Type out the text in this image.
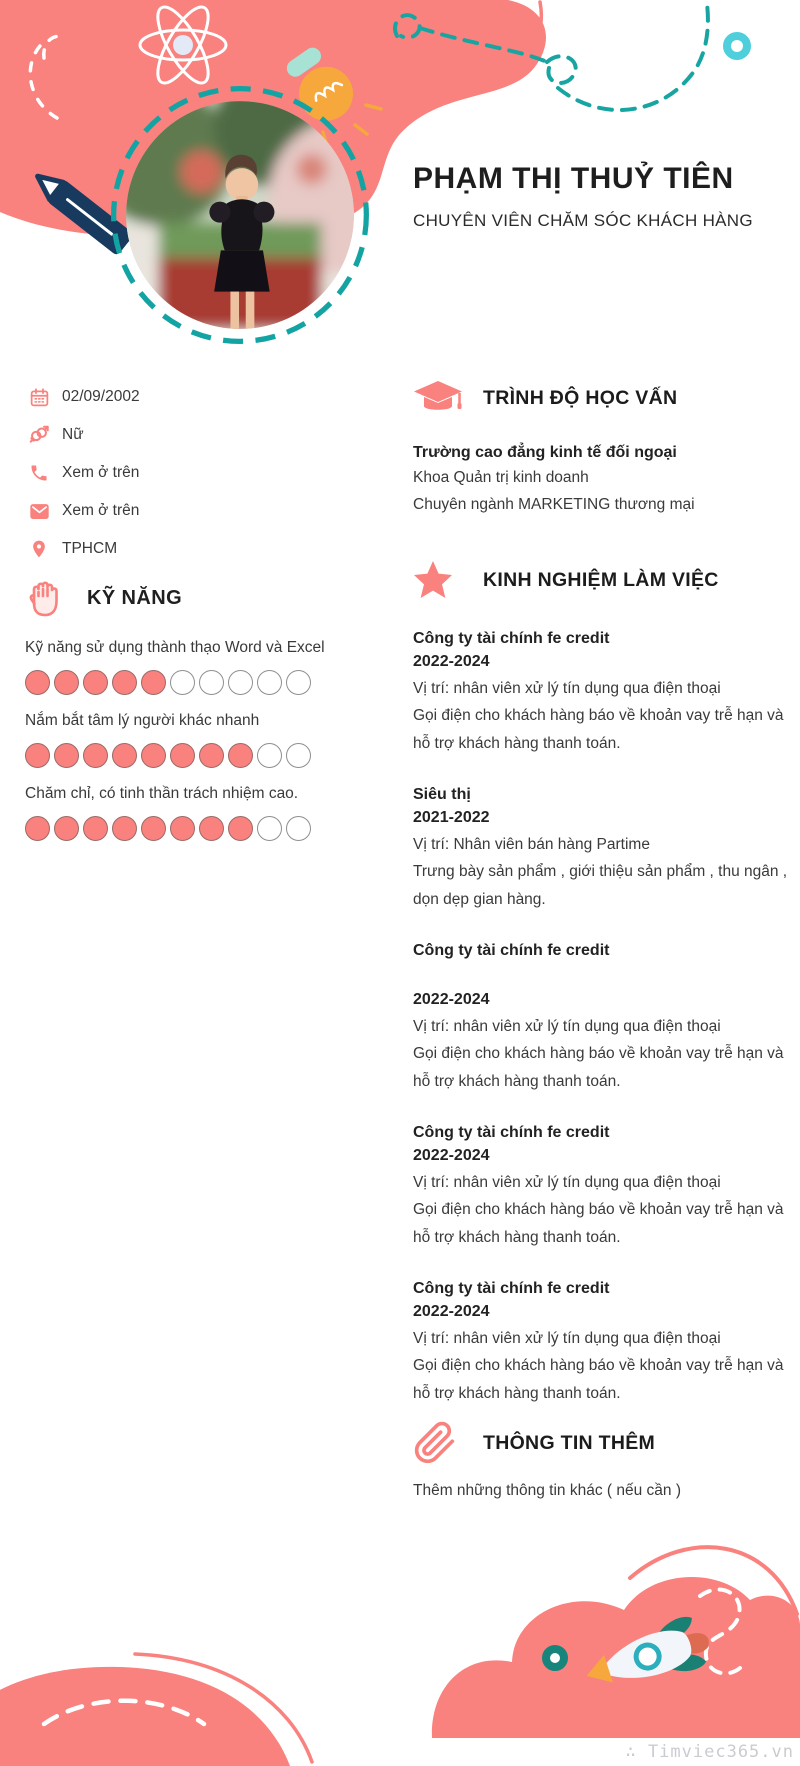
PHẠM THỊ THUỶ TIÊN
CHUYÊN VIÊN CHĂM SÓC KHÁCH HÀNG
02/09/2002
Nữ
Xem ở trên
Xem ở trên
TPHCM
KỸ NĂNG
Kỹ năng sử dụng thành thạo Word và Excel
Nắm bắt tâm lý người khác nhanh
Chăm chỉ, có tinh thần trách nhiệm cao.
TRÌNH ĐỘ HỌC VẤN
Trường cao đẳng kinh tế đối ngoại
Khoa Quản trị kinh doanh
Chuyên ngành MARKETING thương mại
KINH NGHIỆM LÀM VIỆC
Công ty tài chính fe credit
2022-2024
Vị trí: nhân viên xử lý tín dụng qua điện thoại
Gọi điện cho khách hàng báo về khoản vay trễ hạn và hỗ trợ khách hàng thanh toán.
Siêu thị
2021-2022
Vị trí: Nhân viên bán hàng Partime
Trưng bày sản phẩm , giới thiệu sản phẩm , thu ngân , dọn dẹp gian hàng.
Công ty tài chính fe credit
2022-2024
Vị trí: nhân viên xử lý tín dụng qua điện thoại
Gọi điện cho khách hàng báo về khoản vay trễ hạn và hỗ trợ khách hàng thanh toán.
Công ty tài chính fe credit
2022-2024
Vị trí: nhân viên xử lý tín dụng qua điện thoại
Gọi điện cho khách hàng báo về khoản vay trễ hạn và hỗ trợ khách hàng thanh toán.
Công ty tài chính fe credit
2022-2024
Vị trí: nhân viên xử lý tín dụng qua điện thoại
Gọi điện cho khách hàng báo về khoản vay trễ hạn và hỗ trợ khách hàng thanh toán.
THÔNG TIN THÊM
Thêm những thông tin khác ( nếu cần )
∴ Timviec365.vn
